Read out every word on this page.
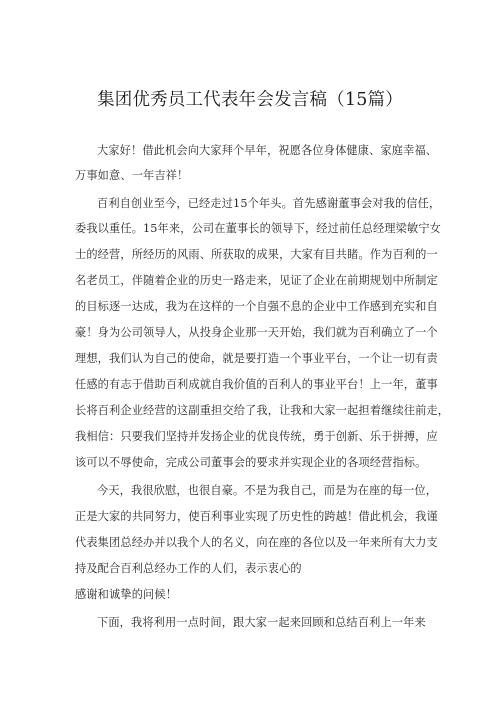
集团优秀员工代表年会发言稿（15篇）
大家好！借此机会向大家拜个早年，祝愿各位身体健康、家庭幸福、
万事如意、一年吉祥！
百利自创业至今，已经走过15个年头。首先感谢董事会对我的信任，
委我以重任。15年来，公司在董事长的领导下，经过前任总经理梁敏宁女
士的经营，所经历的风雨、所获取的成果，大家有目共睹。作为百利的一
名老员工，伴随着企业的历史一路走来，见证了企业在前期规划中所制定
的目标逐一达成，我为在这样的一个自强不息的企业中工作感到充实和自
豪！身为公司领导人，从投身企业那一天开始，我们就为百利确立了一个
理想，我们认为自己的使命，就是要打造一个事业平台，一个让一切有责
任感的有志于借助百利成就自我价值的百利人的事业平台！上一年，董事
长将百利企业经营的这副重担交给了我，让我和大家一起担着继续往前走，
我相信：只要我们坚持并发扬企业的优良传统，勇于创新、乐于拼搏，应
该可以不辱使命，完成公司董事会的要求并实现企业的各项经营指标。
今天，我很欣慰，也很自豪。不是为我自己，而是为在座的每一位，
正是大家的共同努力，使百利事业实现了历史性的跨越！借此机会，我谨
代表集团总经办并以我个人的名义，向在座的各位以及一年来所有大力支
持及配合百利总经办工作的人们，表示衷心的
感谢和诚挚的问候！
下面，我将利用一点时间，跟大家一起来回顾和总结百利上一年来
